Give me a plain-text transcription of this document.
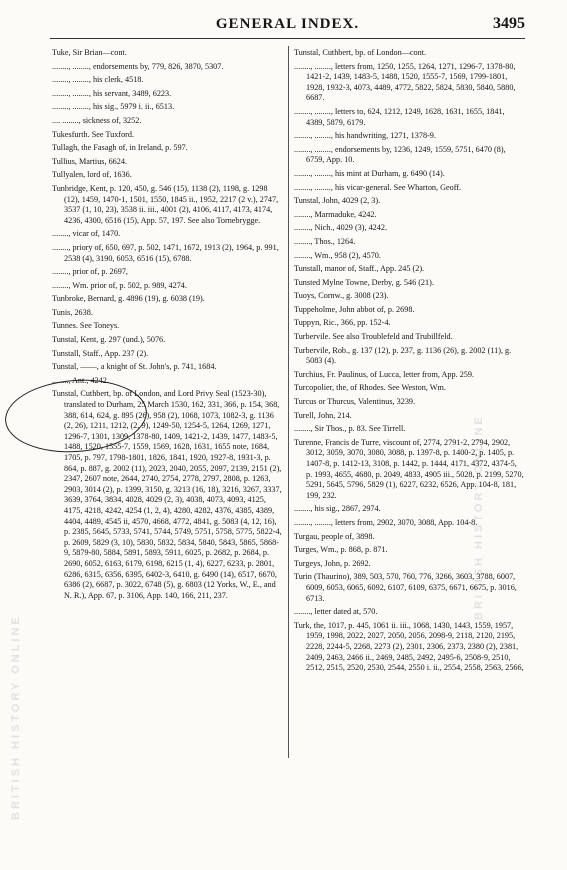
GENERAL INDEX.	3495
BRITISH HISTORY ONLINE
BRITISH HISTORY ONLINE
Tuke, Sir Brian—cont.
........, ........, endorsements by, 779, 826, 3870, 5307.
........, ........, his clerk, 4518.
........, ........, his servant, 3489, 6223.
........, ........, his sig., 5979 i. ii., 6513.
.... ........, sickness of, 3252.
Tukesfurth. See Tuxford.
Tullagh, the Fasagh of, in Ireland, p. 597.
Tullius, Martius, 6624.
Tullyalen, lord of, 1636.
Tunbridge, Kent, p. 120, 450, g. 546 (15), 1138 (2), 1198, g. 1298 (12), 1459, 1470-1, 1501, 1550, 1845 ii., 1952, 2217 (2 v.), 2747, 3537 (1, 10, 23), 3538 ii. iii., 4001 (2), 4106, 4117, 4173, 4174, 4236, 4300, 6516 (15), App. 57, 197. See also Tornebrygge.
........, vicar of, 1470.
........, priory of, 650, 697, p. 502, 1471, 1672, 1913 (2), 1964, p. 991, 2538 (4), 3190, 6053, 6516 (15), 6788.
........, prior of, p. 2697,
........, Wm. prior of, p. 502, p. 989, 4274.
Tunbroke, Bernard, g. 4896 (19), g. 6038 (19).
Tunis, 2638.
Tunnes. See Toneys.
Tunstal, Kent, g. 297 (und.), 5076.
Tunstall, Staff., App. 237 (2).
Tunstal, ——, a knight of St. John's, p. 741, 1684.
........, Ant., 4242.
Tunstal, Cuthbert, bp. of London, and Lord Privy Seal (1523-30), translated to Durham, 25 March 1530, 162, 331, 366, p. 154, 368, 388, 614, 624, g. 895 (26), 958 (2), 1068, 1073, 1082-3, g. 1136 (2, 26), 1211, 1212, (2, 9), 1249-50, 1254-5, 1264, 1269, 1271, 1296-7, 1301, 1309, 1378-80, 1409, 1421-2, 1439, 1477, 1483-5, 1488, 1520, 1555-7, 1559, 1569, 1628, 1631, 1655 note, 1684, 1705, p. 797, 1798-1801, 1826, 1841, 1920, 1927-8, 1931-3, p. 864, p. 887, g. 2002 (11), 2023, 2040, 2055, 2097, 2139, 2151 (2), 2347, 2607 note, 2644, 2740, 2754, 2778, 2797, 2808, p. 1263, 2903, 3014 (2), p. 1399, 3150, g. 3213 (16, 18), 3216, 3267, 3337, 3639, 3764, 3834, 4028, 4029 (2, 3), 4038, 4073, 4093, 4125, 4175, 4218, 4242, 4254 (1, 2, 4), 4280, 4282, 4376, 4385, 4389, 4404, 4489, 4545 ii, 4570, 4668, 4772, 4841, g. 5083 (4, 12, 16), p. 2385, 5645, 5733, 5741, 5744, 5749, 5751, 5758, 5775, 5822-4, p. 2609, 5829 (3, 10), 5830, 5832, 5834, 5840, 5843, 5865, 5868-9, 5879-80, 5884, 5891, 5893, 5911, 6025, p. 2682, p. 2684, p. 2690, 6052, 6163, 6179, 6198, 6215 (1, 4), 6227, 6233, p. 2801, 6286, 6315, 6356, 6395, 6402-3, 6410, g. 6490 (14), 6517, 6670, 6386 (2), 6687, p. 3022, 6748 (5), g. 6803 (12 Yorks, W., E., and N. R.), App. 67, p. 3106, App. 140, 166, 211, 237.
Tunstal, Cuthbert, bp. of London—cont.
........, ........, letters from, 1250, 1255, 1264, 1271, 1296-7, 1378-80, 1421-2, 1439, 1483-5, 1488, 1520, 1555-7, 1569, 1799-1801, 1928, 1932-3, 4073, 4489, 4772, 5822, 5824, 5830, 5840, 5880, 6687.
........, ........, letters to, 624, 1212, 1249, 1628, 1631, 1655, 1841, 4389, 5879, 6179.
........, ........, his handwriting, 1271, 1378-9.
........, ........, endorsements by, 1236, 1249, 1559, 5751, 6470 (8), 6759, App. 10.
........, ........, his mint at Durham, g. 6490 (14).
........, ........, his vicar-general. See Wharton, Geoff.
Tunstal, John, 4029 (2, 3).
........, Marmaduke, 4242.
........, Nich., 4029 (3), 4242.
........, Thos., 1264.
........, Wm., 958 (2), 4570.
Tunstall, manor of, Staff., App. 245 (2).
Tunsted Mylne Towne, Derby, g. 546 (21).
Tuoys, Cornw., g. 3008 (23).
Tuppeholme, John abbot of, p. 2698.
Tuppyn, Ric., 366, pp. 152-4.
Turbervile. See also Troublefeld and Trubillfeld.
Turbervile, Rob., g. 137 (12), p. 237, g. 1136 (26), g. 2002 (11), g. 5083 (4).
Turchius, Fr. Paulinus, of Lucca, letter from, App. 259.
Turcopolier, the, of Rhodes. See Weston, Wm.
Turcus or Thurcus, Valentinus, 3239.
Turell, John, 214.
........, Sir Thos., p. 83. See Tirrell.
Turenne, Francis de Turre, viscount of, 2774, 2791-2, 2794, 2902, 3012, 3059, 3070, 3080, 3088, p. 1397-8, p. 1400-2, p. 1405, p. 1407-8, p. 1412-13, 3108, p. 1442, p. 1444, 4171, 4372, 4374-5, p. 1993, 4655, 4680, p. 2049, 4833, 4905 iii., 5028, p. 2199, 5270, 5291, 5645, 5796, 5829 (1), 6227, 6232, 6526, App. 104-8, 181, 199, 232.
........, his sig., 2867, 2974.
........, ........, letters from, 2902, 3070, 3088, App. 104-8.
Turgau, people of, 3898.
Turges, Wm., p. 868, p. 871.
Turgeys, John, p. 2692.
Turin (Thaurino), 389, 503, 570, 760, 776, 3266, 3603, 3788, 6007, 6009, 6053, 6065, 6092, 6107, 6109, 6375, 6671, 6675, p. 3016, 6713.
........, letter dated at, 570.
Turk, the, 1017, p. 445, 1061 ii. iii., 1068, 1430, 1443, 1559, 1957, 1959, 1998, 2022, 2027, 2050, 2056, 2098-9, 2118, 2120, 2195, 2228, 2244-5, 2268, 2273 (2), 2301, 2306, 2373, 2380 (2), 2381, 2409, 2463, 2466 ii., 2469, 2485, 2492, 2495-6, 2508-9, 2510, 2512, 2515, 2520, 2530, 2544, 2550 i. ii., 2554, 2558, 2563, 2566,
